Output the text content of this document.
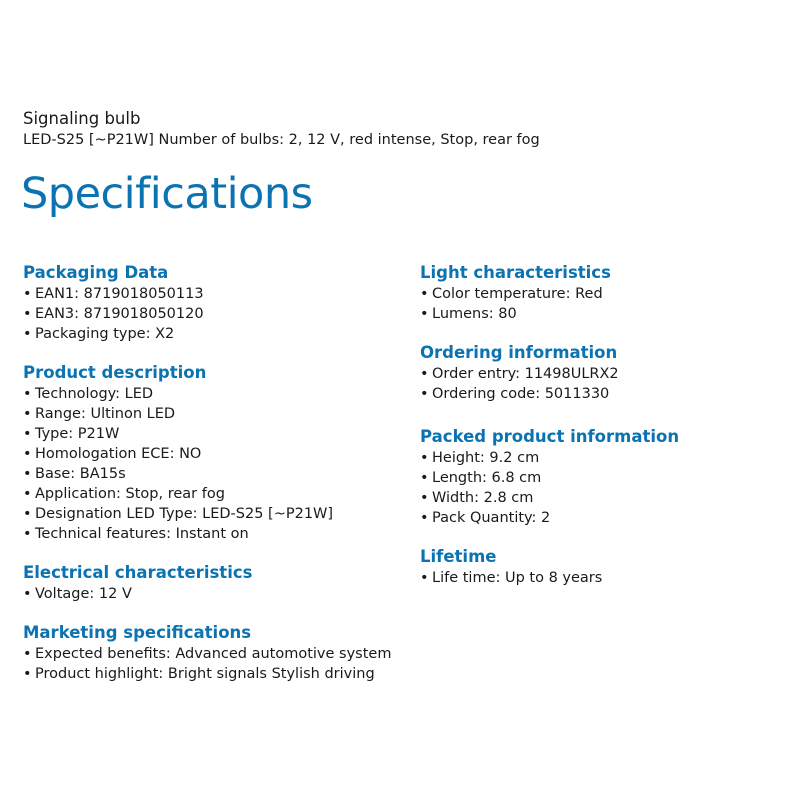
Signaling bulb

LED-S25 [~P21W] Number of bulbs: 2, 12 V, red intense, Stop, rear fog

Specifications
Packaging Data
• EAN1: 8719018050113
• EAN3: 8719018050120
• Packaging type: X2
Product description
• Technology: LED
• Range: Ultinon LED
• Type: P21W
• Homologation ECE: NO
• Base: BA15s
• Application: Stop, rear fog
• Designation LED Type: LED-S25 [~P21W]
• Technical features: Instant on
Electrical characteristics
• Voltage: 12 V
Marketing specifications
• Expected benefits: Advanced automotive system
• Product highlight: Bright signals Stylish driving
Light characteristics
• Color temperature: Red
• Lumens: 80
Ordering information
• Order entry: 11498ULRX2
• Ordering code: 5011330
Packed product information
• Height: 9.2 cm
• Length: 6.8 cm
• Width: 2.8 cm
• Pack Quantity: 2
Lifetime
• Life time: Up to 8 years
